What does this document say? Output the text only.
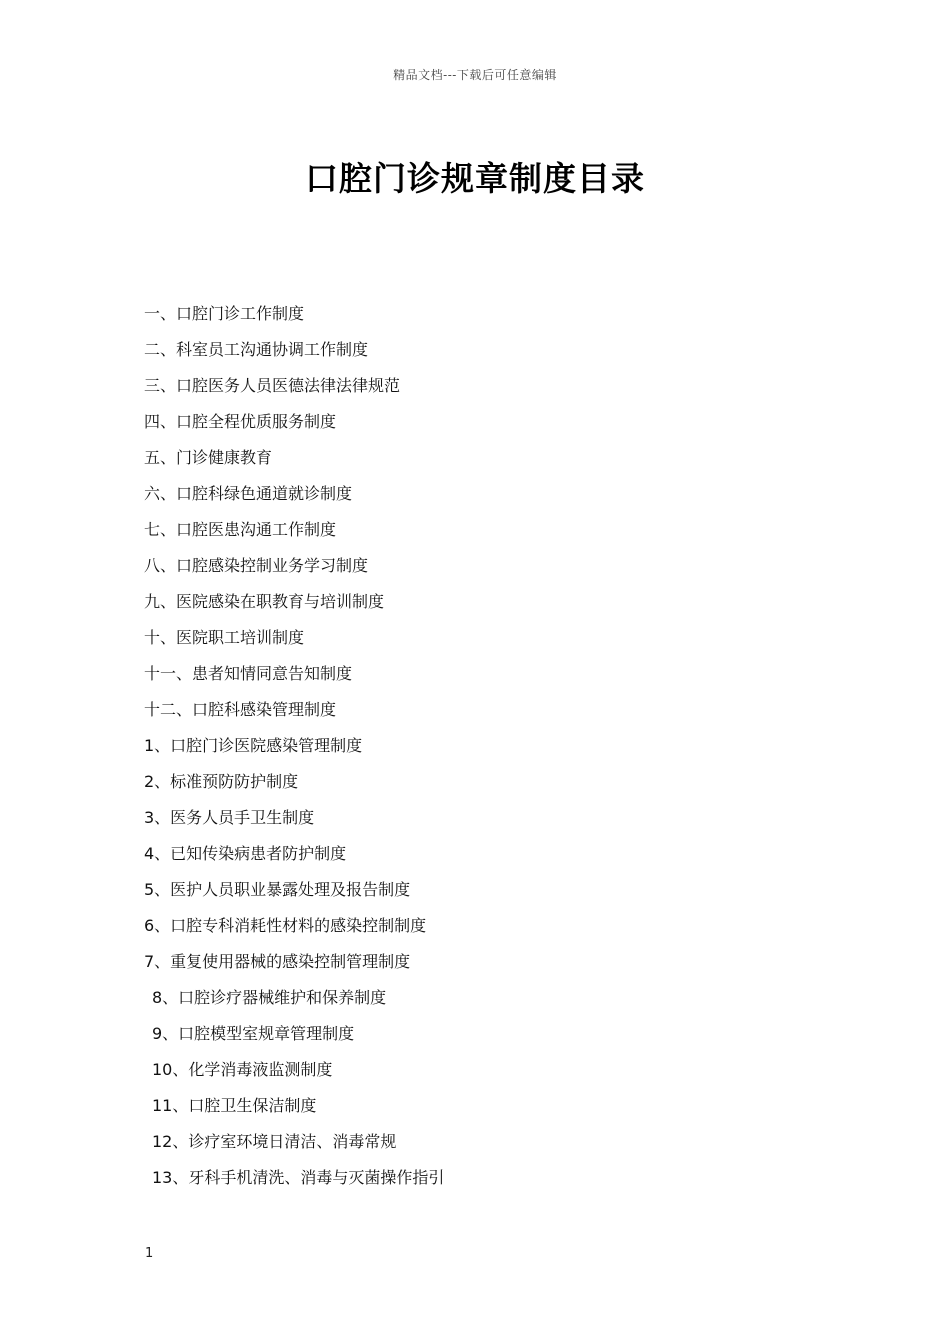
精品文档---下载后可任意编辑
口腔门诊规章制度目录
一、口腔门诊工作制度
二、科室员工沟通协调工作制度
三、口腔医务人员医德法律法律规范
四、口腔全程优质服务制度
五、门诊健康教育
六、口腔科绿色通道就诊制度
七、口腔医患沟通工作制度
八、口腔感染控制业务学习制度
九、医院感染在职教育与培训制度
十、医院职工培训制度
十一、患者知情同意告知制度
十二、口腔科感染管理制度
1、口腔门诊医院感染管理制度
2、标准预防防护制度
3、医务人员手卫生制度
4、已知传染病患者防护制度
5、医护人员职业暴露处理及报告制度
6、口腔专科消耗性材料的感染控制制度
7、重复使用器械的感染控制管理制度
8、口腔诊疗器械维护和保养制度
9、口腔模型室规章管理制度
10、化学消毒液监测制度
11、口腔卫生保洁制度
12、诊疗室环境日清洁、消毒常规
13、牙科手机清洗、消毒与灭菌操作指引
1
